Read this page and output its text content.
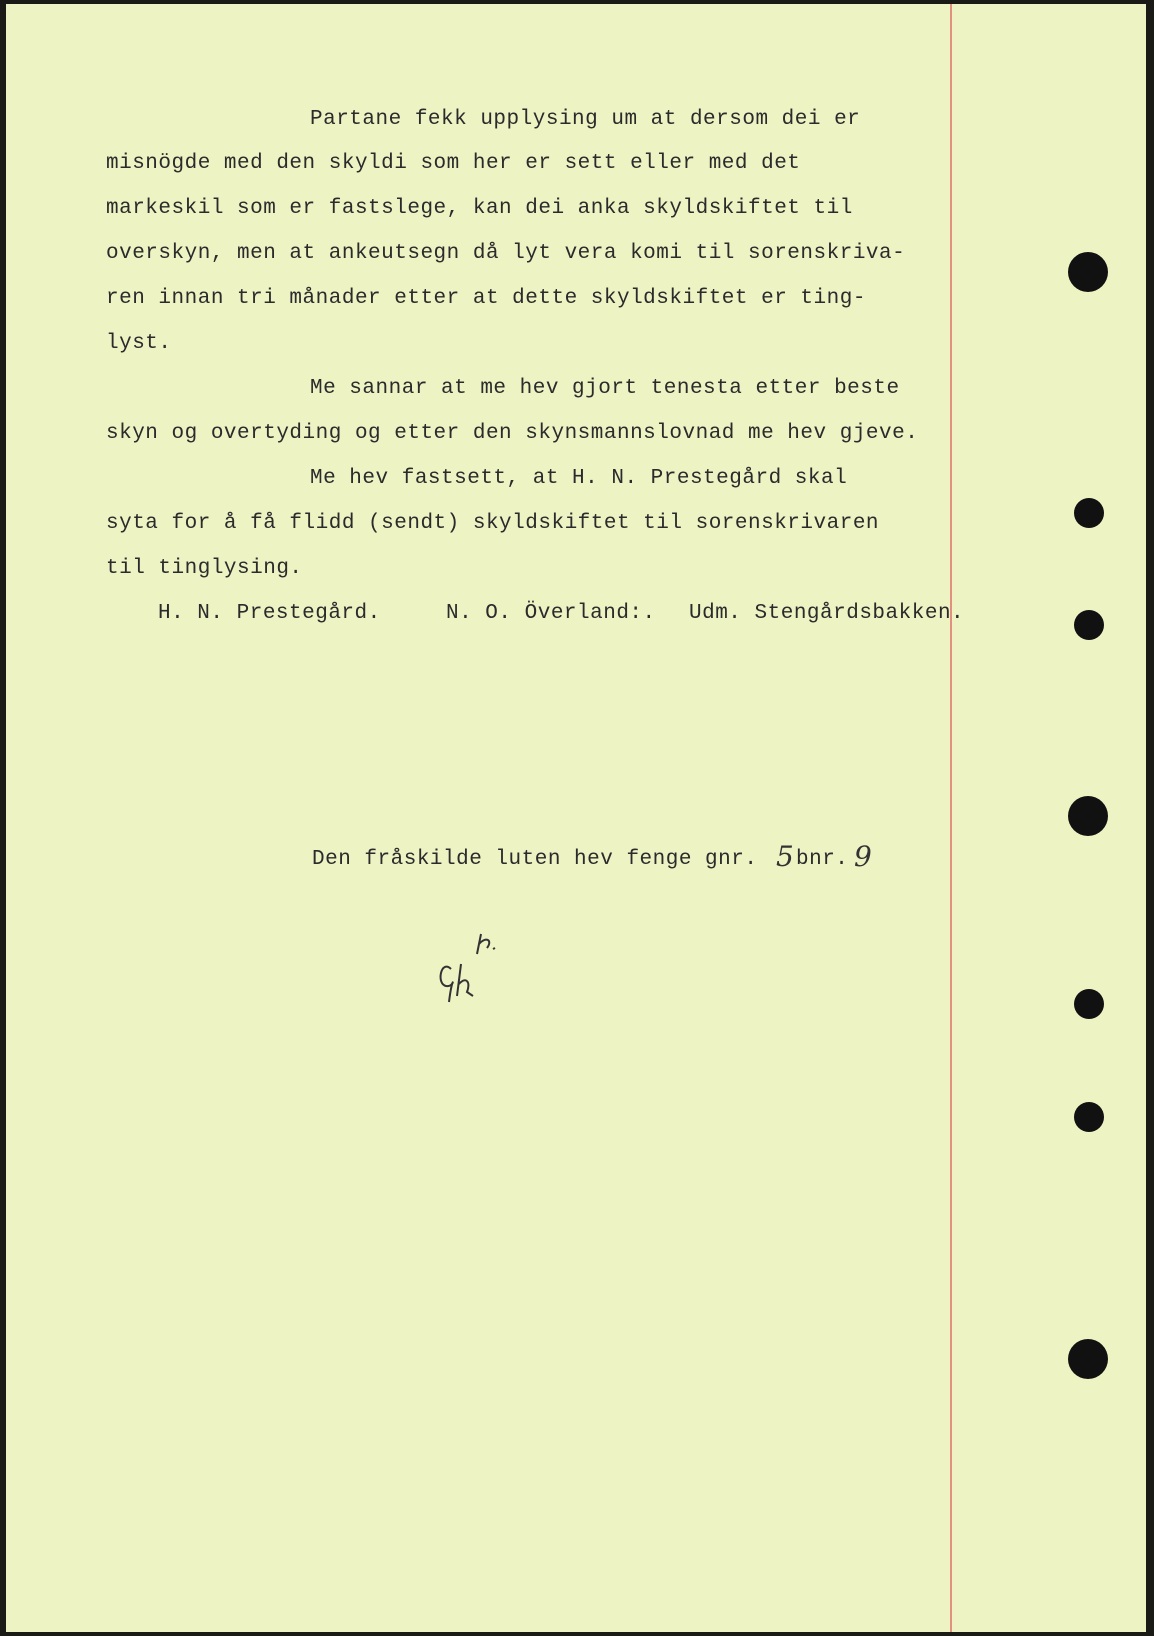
Partane fekk upplysing um at dersom dei er

misnögde med den skyldi som her er sett eller med det

markeskil som er fastslege, kan dei anka skyldskiftet til

overskyn, men at ankeutsegn då lyt vera komi til sorenskriva-

ren innan tri månader etter at dette skyldskiftet er ting-

lyst.

Me sannar at me hev gjort tenesta etter beste

skyn og overtyding og etter den skynsmannslovnad me hev gjeve.

Me hev fastsett, at H. N. Prestegård skal

syta for å få flidd (sendt) skyldskiftet til sorenskrivaren

til tinglysing.

H. N. Prestegård.	N. O. Överland:. Udm. Stengårdsbakken.

Den fråskilde luten hev fenge gnr. 5 bnr. 9
Gh
